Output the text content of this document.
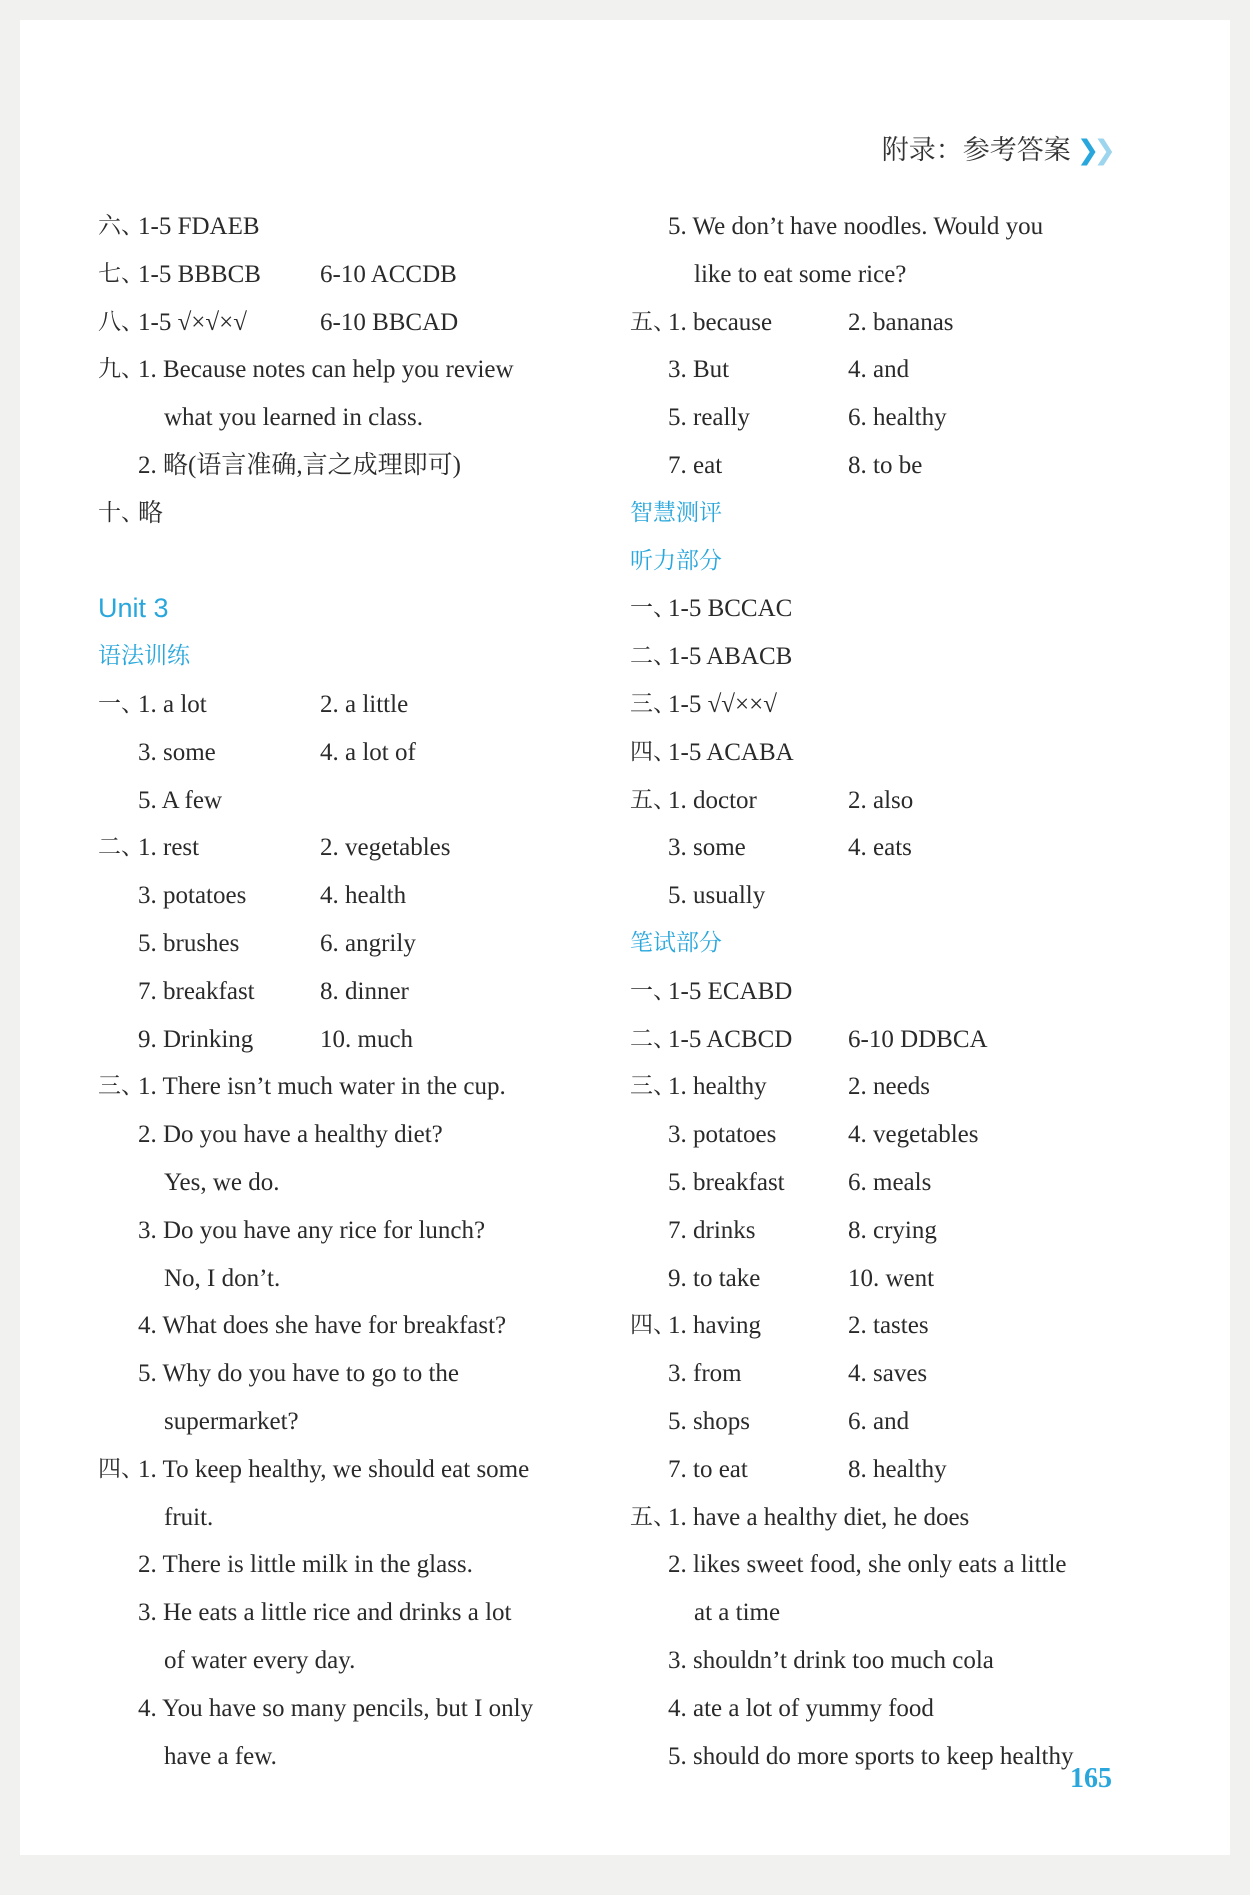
附录：参考答案 ❯❯
六、
1-5 FDAEB
七、
1-5 BBBCB 6-10 ACCDB
八、
1-5 √×√×√	6-10 BBCAD
九、
1. Because notes can help you review
what you learned in class.
2. 略(语言准确,言之成理即可)
十、
略
Unit 3
语法训练
一、
1. a lot	2. a little
3. some	4. a lot of
5. A few
二、
1. rest	2. vegetables
3. potatoes	4. health
5. brushes	6. angrily
7. breakfast	8. dinner
9. Drinking	10. much
三、
1. There isn’t much water in the cup.
2. Do you have a healthy diet?
Yes, we do.
3. Do you have any rice for lunch?
No, I don’t.
4. What does she have for breakfast?
5. Why do you have to go to the
supermarket?
四、
1. To keep healthy, we should eat some
fruit.
2. There is little milk in the glass.
3. He eats a little rice and drinks a lot
of water every day.
4. You have so many pencils, but I only
have a few.
5. We don’t have noodles. Would you
like to eat some rice?
五、
1. because	2. bananas
3. But	4. and
5. really	6. healthy
7. eat	8. to be
智慧测评
听力部分
一、
1-5 BCCAC
二、
1-5 ABACB
三、
1-5 √√××√
四、
1-5 ACABA
五、
1. doctor	2. also
3. some	4. eats
5. usually
笔试部分
一、
1-5 ECABD
二、
1-5 ACBCD 6-10 DDBCA
三、
1. healthy	2. needs
3. potatoes	4. vegetables
5. breakfast	6. meals
7. drinks	8. crying
9. to take	10. went
四、
1. having	2. tastes
3. from	4. saves
5. shops	6. and
7. to eat	8. healthy
五、
1. have a healthy diet, he does
2. likes sweet food, she only eats a little
at a time
3. shouldn’t drink too much cola
4. ate a lot of yummy food
5. should do more sports to keep healthy
165
